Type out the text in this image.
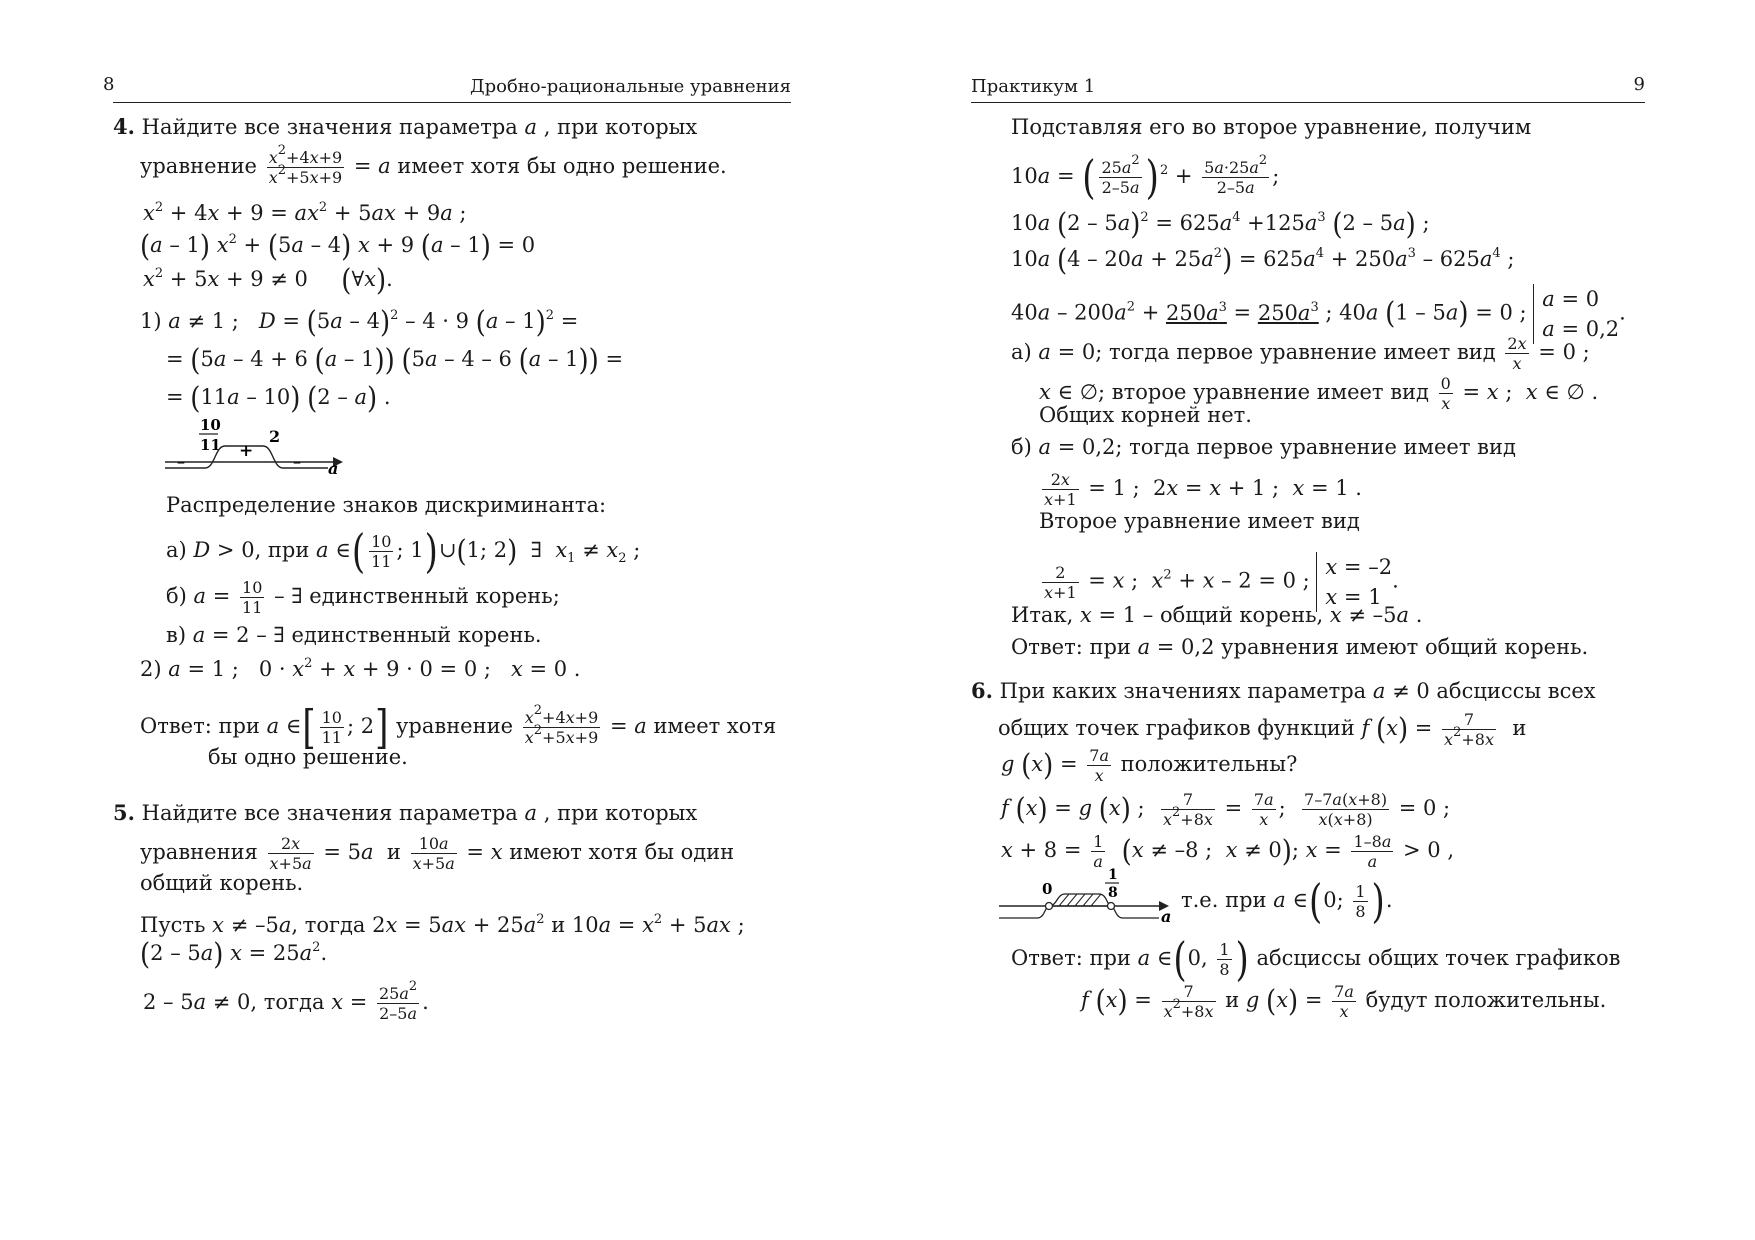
8	Дробно-рациональные уравнения
4. Найдите все значения параметра a , при которых
уравнение $\frac{x^2+4x+9}{x^2+5x+9} = a$ имеет хотя бы одно решение.
$x^2 + 4x + 9 = ax^2 + 5ax + 9a$ ;
(a – 1) $x^2 + (5a - 4) x + 9$ (a – 1) = 0
$x^2 + 5x + 9 \ne 0$     (∀x).
1) a ≠ 1 ;   D = (5a – 4)$^2$ – 4 · 9 (a – 1)$^2$ =
= (5a – 4 + 6 (a – 1)) (5a – 4 – 6 (a – 1)) =
= (11a – 10) (2 – a) .
10
11	2
–
+
– a
Распределение знаков дискриминанта:
а) D > 0, при a ∈( $\frac{10}{11}$ ; 1)∪(1; 2)  ∃  $x_1 \ne x_2$ ;
б) $a = \frac{10}{11}$ – ∃ единственный корень;
в) a = 2 – ∃ единственный корень.
2) a = 1 ;   $0 \cdot x^2 + x + 9 \cdot 0 = 0$ ;   x = 0 .
Ответ: при a ∈[ $\frac{10}{11}$ ; 2] уравнение $\frac{x^2+4x+9}{x^2+5x+9} = a$ имеет хотя
бы одно решение.
5. Найдите все значения параметра a , при которых
уравнения $\frac{2x}{x+5a} = 5a$ и $\frac{10a}{x+5a} = x$ имеют хотя бы один
общий корень.
Пусть x ≠ –5a, тогда $2x = 5ax + 25a^2$ и $10a = x^2 + 5ax$ ;
(2 – 5a) $x = 25a^2$.
2 – 5a ≠ 0, тогда $x = \frac{25a^2}{2-5a}$ .
Практикум 1	9
Подставляя его во второе уравнение, получим
10a = ( $\frac{25a^2}{2-5a} )^2 + \frac{5a\cdot 25a^2}{2-5a}$ ;
10a $(2 - 5a)^2 = 625a^4 +125a^3$ (2 – 5a) ;
10a $(4 - 20a + 25a^2) = 625a^4 + 250a^3 - 625a^4$ ;
$40a - 200a^2 + 250a^3 = 250a^3$ ; 40a (1 – 5a) = 0 ;
a = 0
a = 0,2
.
а) a = 0; тогда первое уравнение имеет вид $\frac{2x}{x} = 0$ ;
x ∈ ∅; второе уравнение имеет вид $\frac{0}{x} = x$ ;  x ∈ ∅ .
Общих корней нет.
б) a = 0,2; тогда первое уравнение имеет вид
$\frac{2x}{x+1} = 1$ ;  2x = x + 1 ;  x = 1 .
Второе уравнение имеет вид
$\frac{2}{x+1} = x$ ;  $x^2 + x - 2 = 0$ ;
x = –2
x = 1
.
Итак, x = 1 – общий корень, x ≠ –5a .
Ответ: при a = 0,2 уравнения имеют общий корень.
6. При каких значениях параметра a ≠ 0 абсциссы всех
общих точек графиков функций f $(x) = \frac{7}{x^2+8x}$ и
g $(x) = \frac{7a}{x}$ положительны?
f (x) = g (x) ; $\frac{7}{x^2+8x} = \frac{7a}{x}$ ; $\frac{7-7a(x+8)}{x(x+8)} = 0$ ;
$x + 8 = \frac{1}{a} (x \ne -8$ ;  x ≠ 0); $x = \frac{1-8a}{a} > 0$ ,
0
1
8
a
т.е. при a ∈(0; $\frac{1}{8}$ ).
Ответ: при a ∈(0, $\frac{1}{8}$ ) абсциссы общих точек графиков
f $(x) = \frac{7}{x^2+8x}$ и g $(x) = \frac{7a}{x}$ будут положительны.
